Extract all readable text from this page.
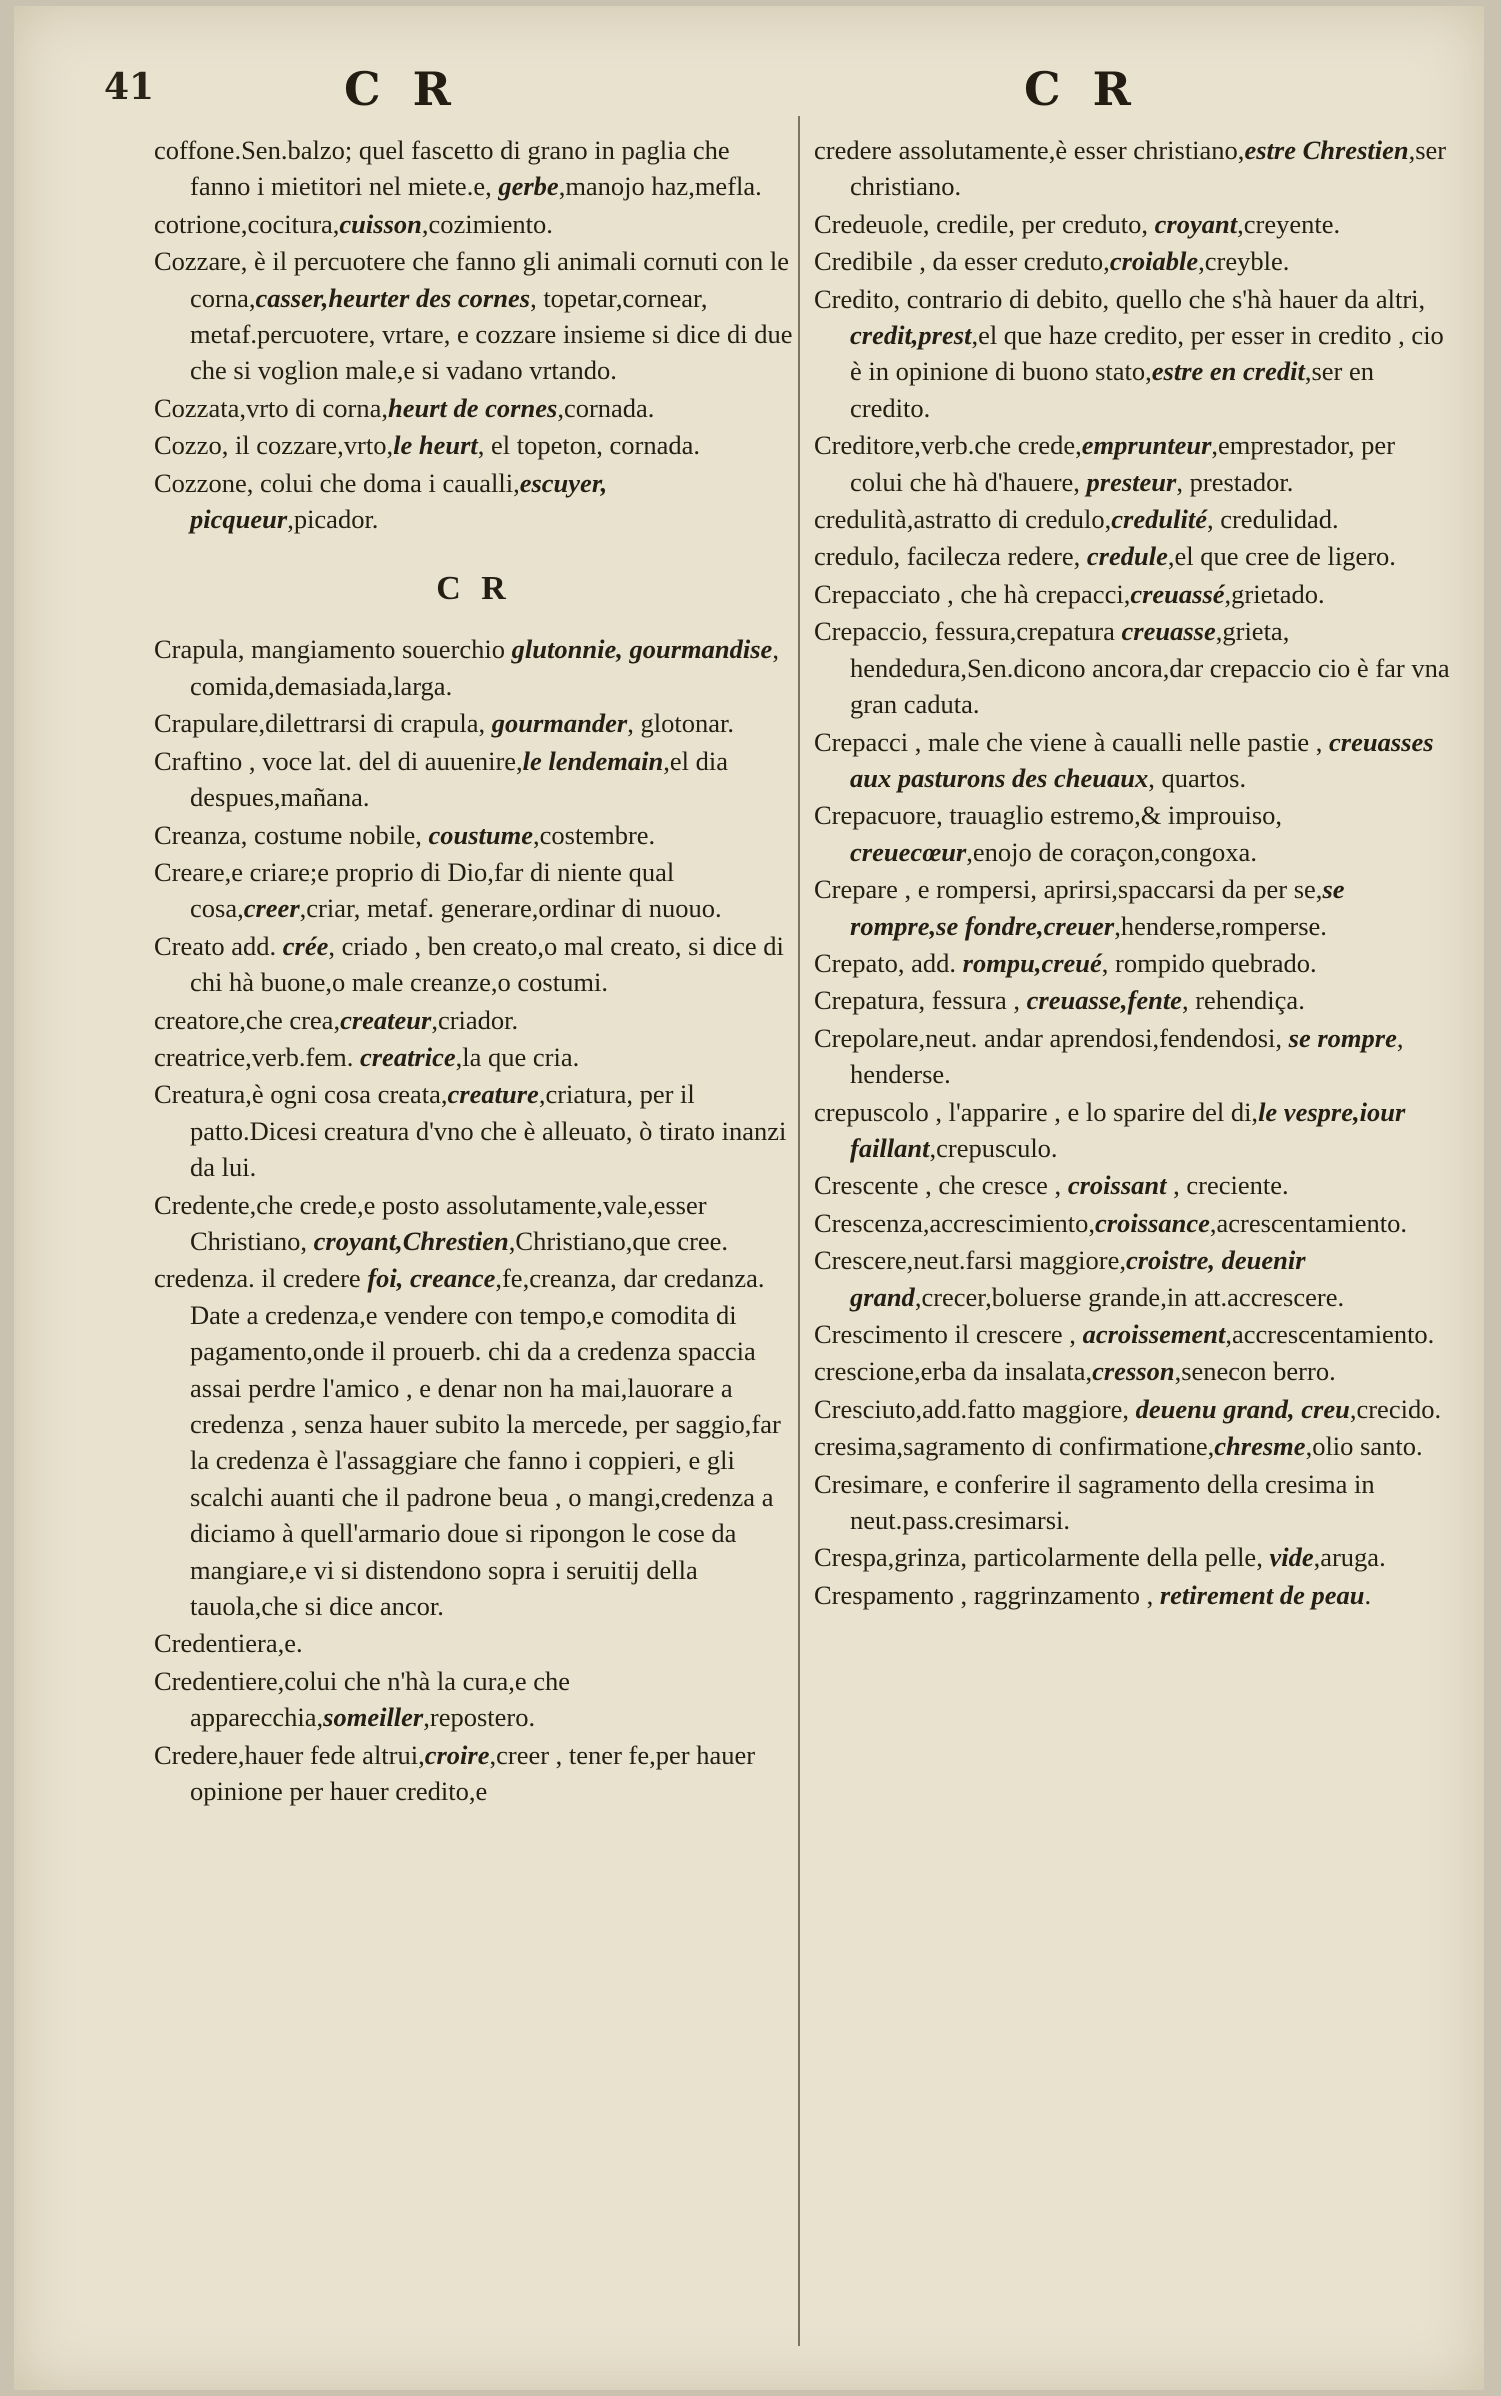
41	C R	C R
coffone.Sen.balzo; quel fascetto di grano in paglia che fanno i mietitori nel miete.e, gerbe,manojo haz,mefla.
cotrione,cocitura,cuisson,cozimiento.
Cozzare, è il percuotere che fanno gli animali cornuti con le corna,casser,heurter des cornes, topetar,cornear, metaf.percuotere, vrtare, e cozzare insieme si dice di due che si voglion male,e si vadano vrtando.
Cozzata,vrto di corna,heurt de cornes,cornada.
Cozzo, il cozzare,vrto,le heurt, el topeton, cornada.
Cozzone, colui che doma i caualli,escuyer, picqueur,picador.
C R
Crapula, mangiamento souerchio glutonnie, gourmandise, comida,demasiada,larga.
Crapulare,dilettrarsi di crapula, gourmander, glotonar.
Craftino , voce lat. del di auuenire,le lendemain,el dia despues,mañana.
Creanza, costume nobile, coustume,costembre.
Creare,e criare;e proprio di Dio,far di niente qual cosa,creer,criar, metaf. generare,ordinar di nuouo.
Creato add. crée, criado , ben creato,o mal creato, si dice di chi hà buone,o male creanze,o costumi.
creatore,che crea,createur,criador.
creatrice,verb.fem. creatrice,la que cria.
Creatura,è ogni cosa creata,creature,criatura, per il patto.Dicesi creatura d'vno che è alleuato, ò tirato inanzi da lui.
Credente,che crede,e posto assolutamente,vale,esser Christiano, croyant,Chrestien,Christiano,que cree.
credenza. il credere foi, creance,fe,creanza, dar credanza. Date a credenza,e vendere con tempo,e comodita di pagamento,onde il prouerb. chi da a credenza spaccia assai perdre l'amico , e denar non ha mai,lauorare a credenza , senza hauer subito la mercede, per saggio,far la credenza è l'assaggiare che fanno i coppieri, e gli scalchi auanti che il padrone beua , o mangi,credenza a diciamo à quell'armario doue si ripongon le cose da mangiare,e vi si distendono sopra i seruitij della tauola,che si dice ancor.
Credentiera,e.
Credentiere,colui che n'hà la cura,e che apparecchia,someiller,repostero.
Credere,hauer fede altrui,croire,creer , tener fe,per hauer opinione per hauer credito,e
credere assolutamente,è esser christiano,estre Chrestien,ser christiano.
Credeuole, credile, per creduto, croyant,creyente.
Credibile , da esser creduto,croiable,creyble.
Credito, contrario di debito, quello che s'hà hauer da altri, credit,prest,el que haze credito, per esser in credito , cio è in opinione di buono stato,estre en credit,ser en credito.
Creditore,verb.che crede,emprunteur,emprestador, per colui che hà d'hauere, presteur, prestador.
credulità,astratto di credulo,credulité, credulidad.
credulo, facilecza redere, credule,el que cree de ligero.
Crepacciato , che hà crepacci,creuassé,grietado.
Crepaccio, fessura,crepatura creuasse,grieta, hendedura,Sen.dicono ancora,dar crepaccio cio è far vna gran caduta.
Crepacci , male che viene à caualli nelle pastie , creuasses aux pasturons des cheuaux, quartos.
Crepacuore, trauaglio estremo,& improuiso, creuecœur,enojo de coraçon,congoxa.
Crepare , e rompersi, aprirsi,spaccarsi da per se,se rompre,se fondre,creuer,henderse,romperse.
Crepato, add. rompu,creué, rompido quebrado.
Crepatura, fessura , creuasse,fente, rehendiça.
Crepolare,neut. andar aprendosi,fendendosi, se rompre, henderse.
crepuscolo , l'apparire , e lo sparire del di,le vespre,iour faillant,crepusculo.
Crescente , che cresce , croissant , creciente.
Crescenza,accrescimiento,croissance,acrescentamiento.
Crescere,neut.farsi maggiore,croistre, deuenir grand,crecer,boluerse grande,in att.accrescere.
Crescimento il crescere , acroissement,accrescentamiento.
crescione,erba da insalata,cresson,senecon berro.
Cresciuto,add.fatto maggiore, deuenu grand, creu,crecido.
cresima,sagramento di confirmatione,chresme,olio santo.
Cresimare, e conferire il sagramento della cresima in neut.pass.cresimarsi.
Crespa,grinza, particolarmente della pelle, vide,aruga.
Crespamento , raggrinzamento , retirement de peau.
